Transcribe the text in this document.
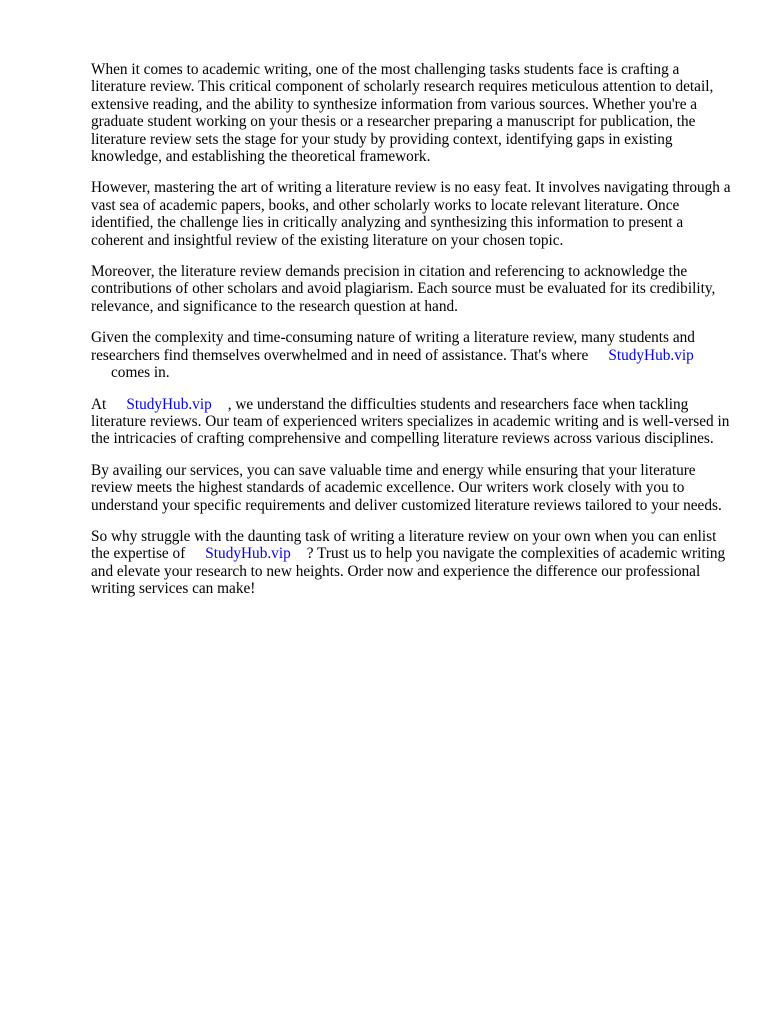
When it comes to academic writing, one of the most challenging tasks students face is crafting a literature review. This critical component of scholarly research requires meticulous attention to detail, extensive reading, and the ability to synthesize information from various sources. Whether you're a graduate student working on your thesis or a researcher preparing a manuscript for publication, the literature review sets the stage for your study by providing context, identifying gaps in existing knowledge, and establishing the theoretical framework.

However, mastering the art of writing a literature review is no easy feat. It involves navigating through a vast sea of academic papers, books, and other scholarly works to locate relevant literature. Once identified, the challenge lies in critically analyzing and synthesizing this information to present a coherent and insightful review of the existing literature on your chosen topic.

Moreover, the literature review demands precision in citation and referencing to acknowledge the contributions of other scholars and avoid plagiarism. Each source must be evaluated for its credibility, relevance, and significance to the research question at hand.

Given the complexity and time-consuming nature of writing a literature review, many students and researchers find themselves overwhelmed and in need of assistance. That's where StudyHub.vip
comes in.

At StudyHub.vip , we understand the difficulties students and researchers face when tackling literature reviews. Our team of experienced writers specializes in academic writing and is well-versed in the intricacies of crafting comprehensive and compelling literature reviews across various disciplines.

By availing our services, you can save valuable time and energy while ensuring that your literature review meets the highest standards of academic excellence. Our writers work closely with you to understand your specific requirements and deliver customized literature reviews tailored to your needs.

So why struggle with the daunting task of writing a literature review on your own when you can enlist the expertise of StudyHub.vip ? Trust us to help you navigate the complexities of academic writing and elevate your research to new heights. Order now and experience the difference our professional writing services can make!
